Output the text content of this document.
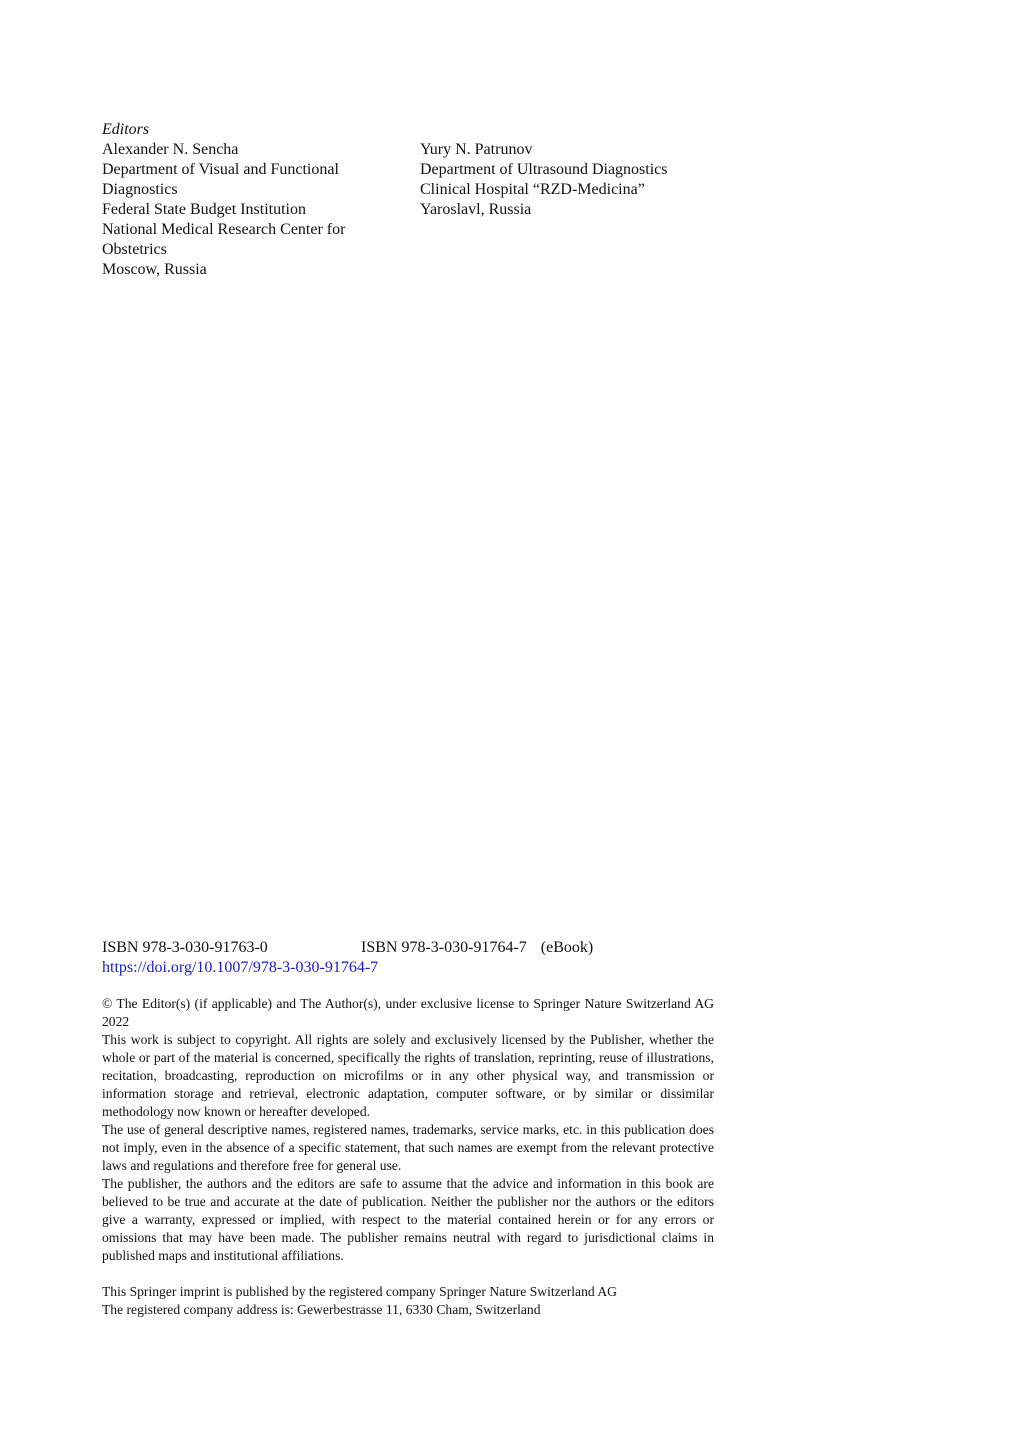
Editors
Alexander N. Sencha
Department of Visual and Functional
Diagnostics
Federal State Budget Institution
National Medical Research Center for
Obstetrics
Moscow, Russia
Yury N. Patrunov
Department of Ultrasound Diagnostics
Clinical Hospital “RZD-Medicina”
Yaroslavl, Russia
ISBN 978-3-030-91763-0	ISBN 978-3-030-91764-7 (eBook)
https://doi.org/10.1007/978-3-030-91764-7

© The Editor(s) (if applicable) and The Author(s), under exclusive license to Springer Nature Switzerland AG 2022

This work is subject to copyright. All rights are solely and exclusively licensed by the Publisher, whether the whole or part of the material is concerned, specifically the rights of translation, reprinting, reuse of illustrations, recitation, broadcasting, reproduction on microfilms or in any other physical way, and transmission or information storage and retrieval, electronic adaptation, computer software, or by similar or dissimilar methodology now known or hereafter developed.

The use of general descriptive names, registered names, trademarks, service marks, etc. in this publication does not imply, even in the absence of a specific statement, that such names are exempt from the relevant protective laws and regulations and therefore free for general use.

The publisher, the authors and the editors are safe to assume that the advice and information in this book are believed to be true and accurate at the date of publication. Neither the publisher nor the authors or the editors give a warranty, expressed or implied, with respect to the material contained herein or for any errors or omissions that may have been made. The publisher remains neutral with regard to jurisdictional claims in published maps and institutional affiliations.

This Springer imprint is published by the registered company Springer Nature Switzerland AG
The registered company address is: Gewerbestrasse 11, 6330 Cham, Switzerland
